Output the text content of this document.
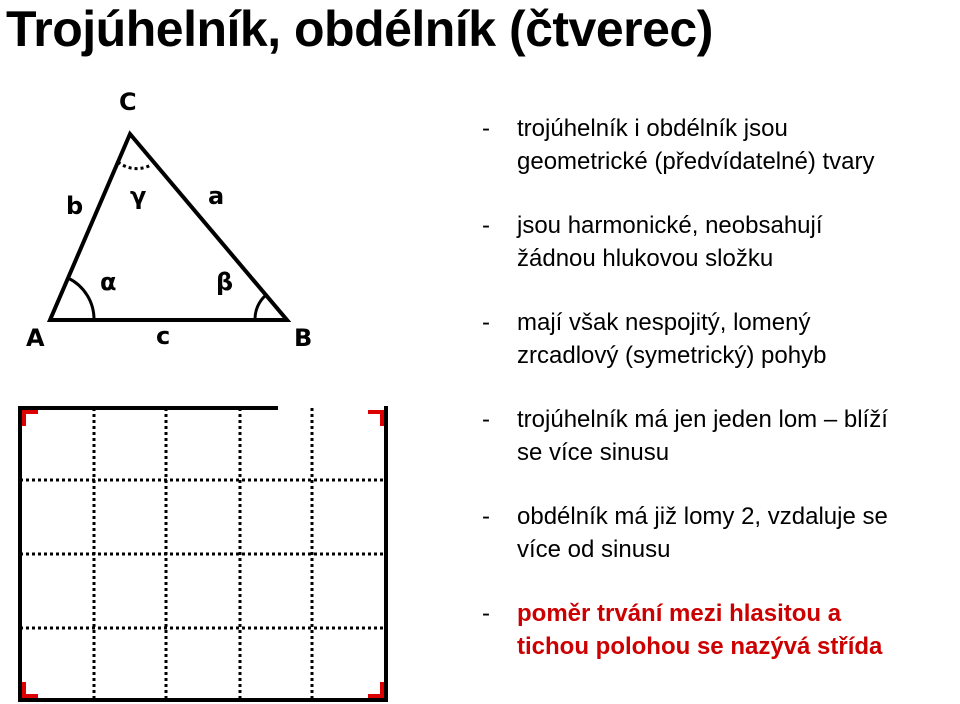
Trojúhelník, obdélník (čtverec)
C
A	B
b	a
c
γ
α	β
- trojúhelník i obdélník jsou
geometrické (předvídatelné) tvary
- jsou harmonické, neobsahují
žádnou hlukovou složku
- mají však nespojitý, lomený
zrcadlový (symetrický) pohyb
- trojúhelník má jen jeden lom – blíží
se více sinusu
- obdélník má již lomy 2, vzdaluje se
více od sinusu
- poměr trvání mezi hlasitou a
tichou polohou se nazývá střída
